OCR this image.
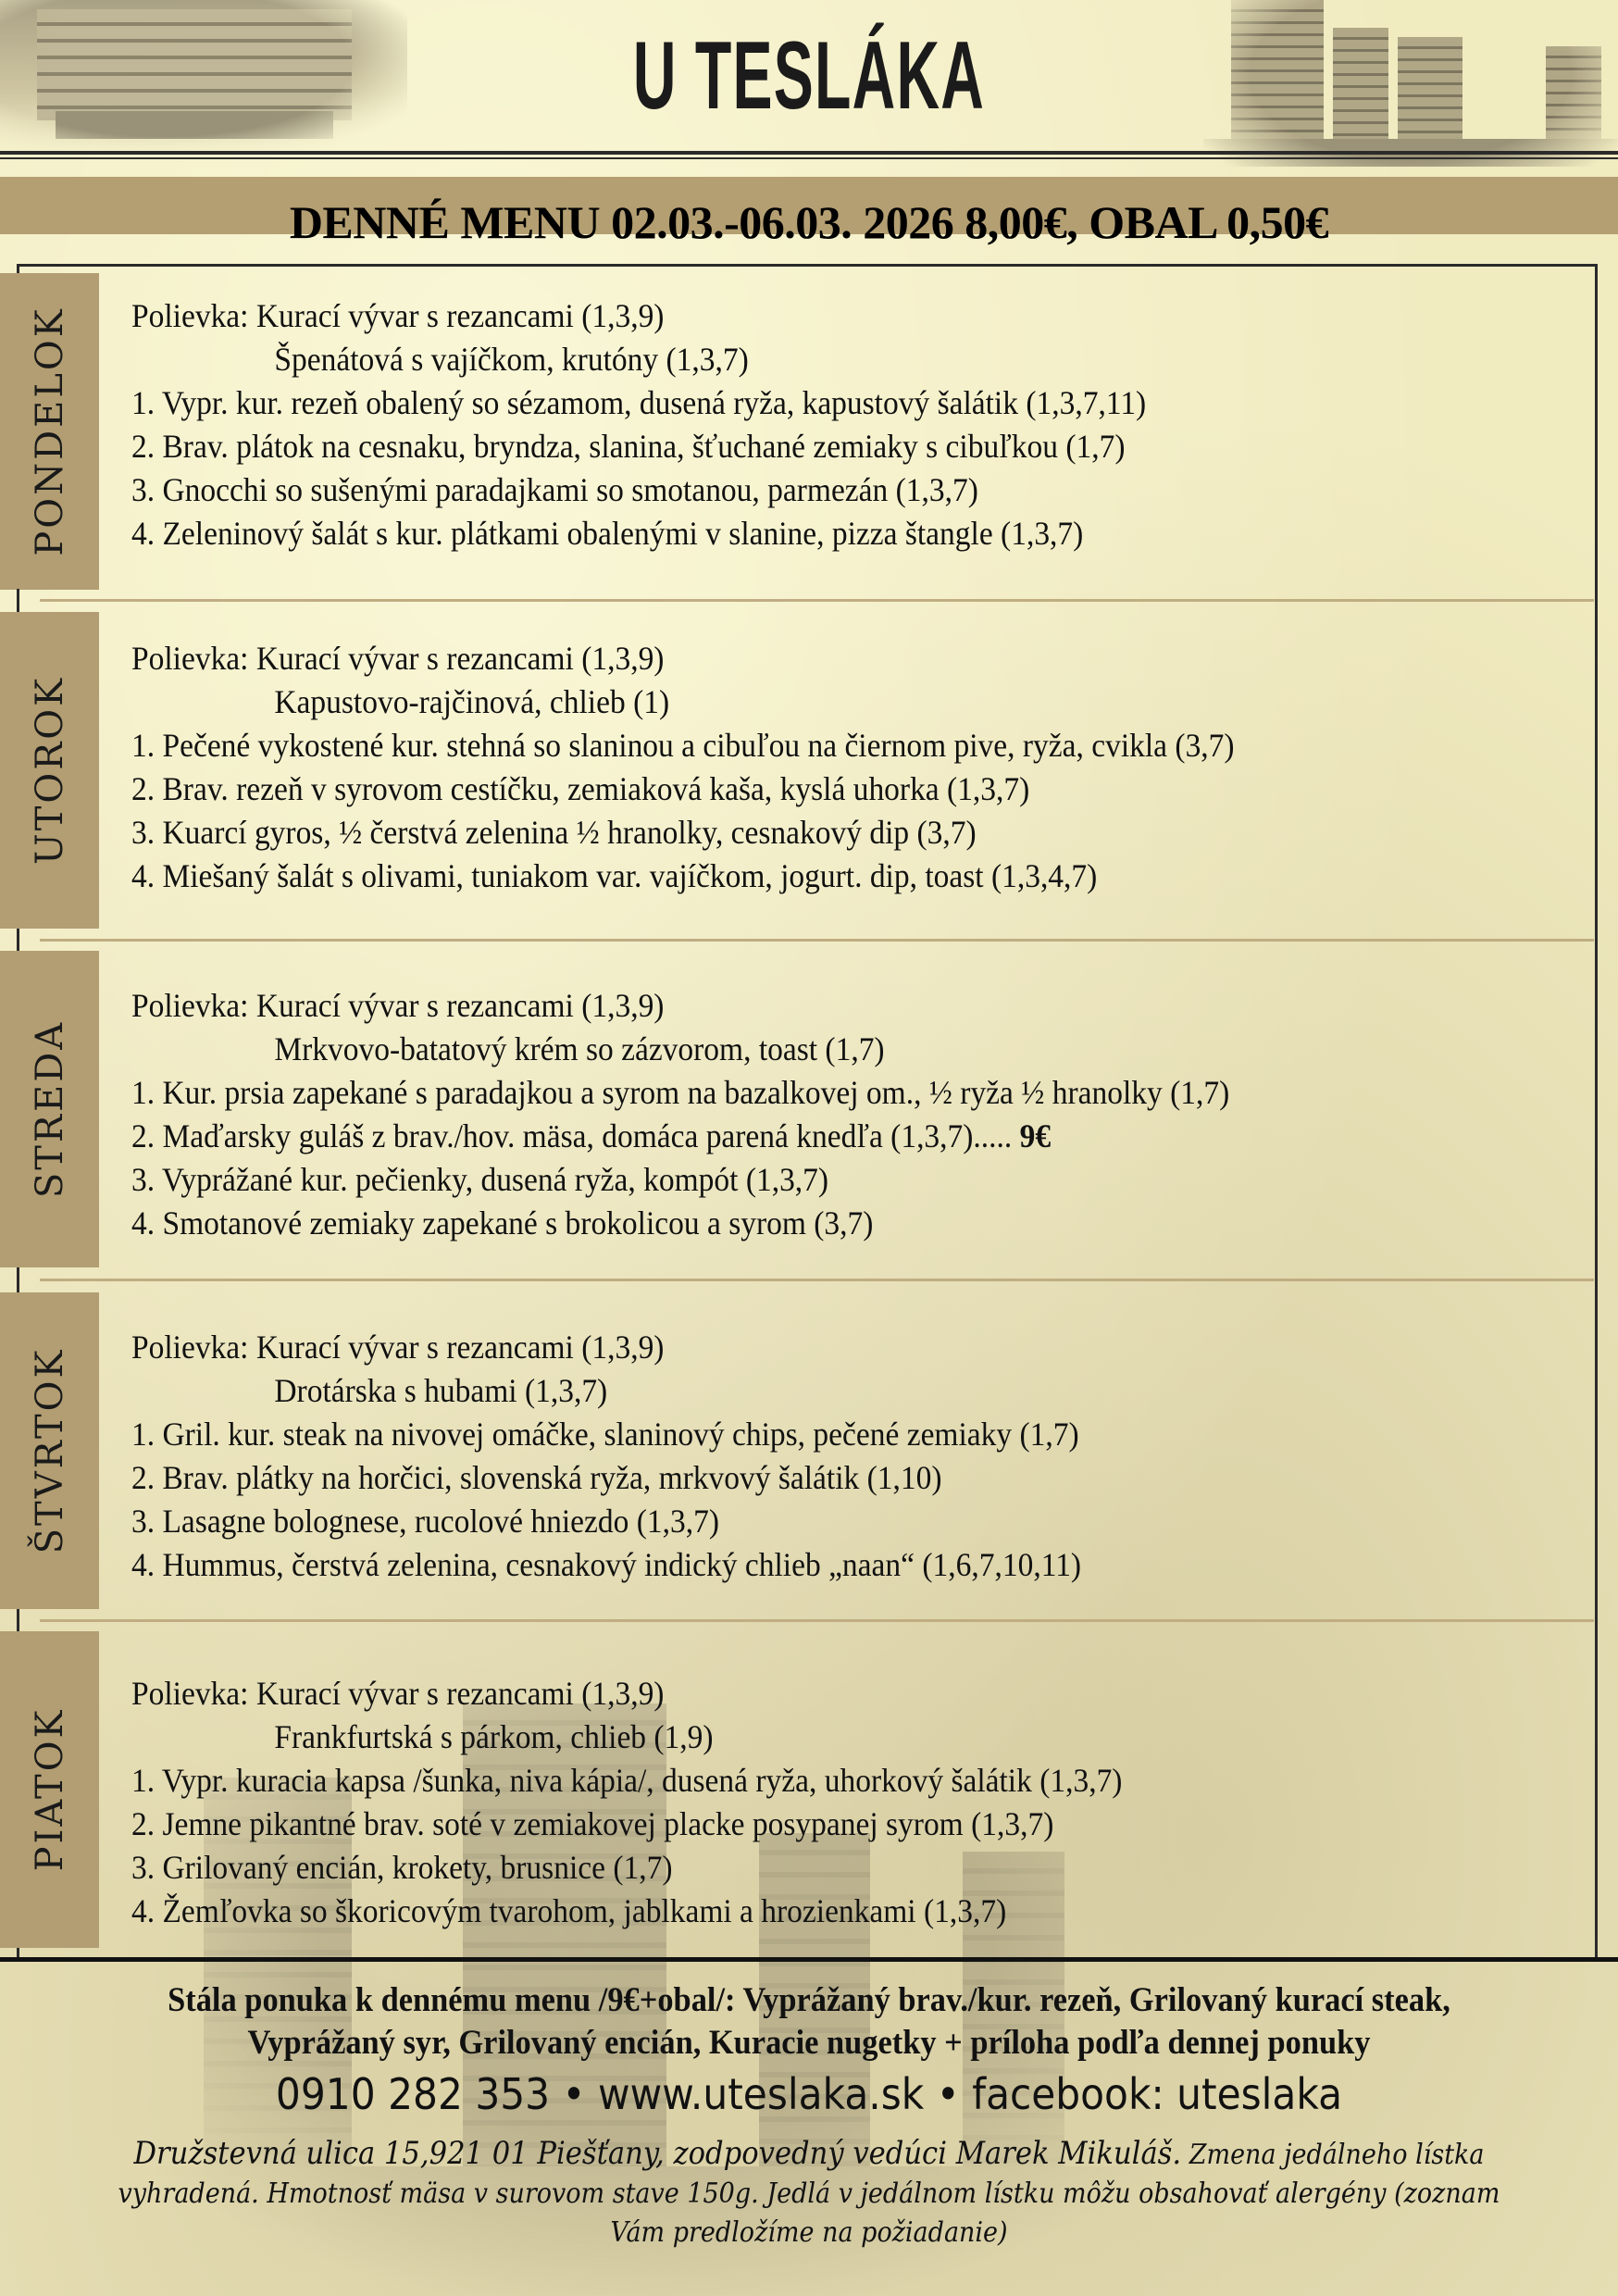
U TESLÁKA
DENNÉ MENU 02.03.-06.03. 2026 8,00€, OBAL 0,50€
PONDELOK Polievka: Kurací vývar s rezancami (1,3,9)
Špenátová s vajíčkom, krutóny (1,3,7)
1. Vypr. kur. rezeň obalený so sézamom, dusená ryža, kapustový šalátik (1,3,7,11)
2. Brav. plátok na cesnaku, bryndza, slanina, šťuchané zemiaky s cibuľkou (1,7)
3. Gnocchi so sušenými paradajkami so smotanou, parmezán (1,3,7)
4. Zeleninový šalát s kur. plátkami obalenými v slanine, pizza štangle (1,3,7)
UTOROK
Polievka: Kurací vývar s rezancami (1,3,9)
Kapustovo-rajčinová, chlieb (1)
1. Pečené vykostené kur. stehná so slaninou a cibuľou na čiernom pive, ryža, cvikla (3,7)
2. Brav. rezeň v syrovom cestíčku, zemiaková kaša, kyslá uhorka (1,3,7)
3. Kuarcí gyros, ½ čerstvá zelenina ½ hranolky, cesnakový dip (3,7)
4. Miešaný šalát s olivami, tuniakom var. vajíčkom, jogurt. dip, toast (1,3,4,7)
STREDA
Polievka: Kurací vývar s rezancami (1,3,9)
Mrkvovo-batatový krém so zázvorom, toast (1,7)
1. Kur. prsia zapekané s paradajkou a syrom na bazalkovej om., ½ ryža ½ hranolky (1,7)
2. Maďarsky guláš z brav./hov. mäsa, domáca parená knedľa (1,3,7)..... 9€
3. Vyprážané kur. pečienky, dusená ryža, kompót (1,3,7)
4. Smotanové zemiaky zapekané s brokolicou a syrom (3,7)
ŠTVRTOK
Polievka: Kurací vývar s rezancami (1,3,9)
Drotárska s hubami (1,3,7)
1. Gril. kur. steak na nivovej omáčke, slaninový chips, pečené zemiaky (1,7)
2. Brav. plátky na horčici, slovenská ryža, mrkvový šalátik (1,10)
3. Lasagne bolognese, rucolové hniezdo (1,3,7)
4. Hummus, čerstvá zelenina, cesnakový indický chlieb „naan“ (1,6,7,10,11)
PIATOK
Polievka: Kurací vývar s rezancami (1,3,9)
Frankfurtská s párkom, chlieb (1,9)
1. Vypr. kuracia kapsa /šunka, niva kápia/, dusená ryža, uhorkový šalátik (1,3,7)
2. Jemne pikantné brav. soté v zemiakovej placke posypanej syrom (1,3,7)
3. Grilovaný encián, krokety, brusnice (1,7)
4. Žemľovka so škoricovým tvarohom, jablkami a hrozienkami (1,3,7)
Stála ponuka k dennému menu /9€+obal/: Vyprážaný brav./kur. rezeň, Grilovaný kurací steak,
Vyprážaný syr, Grilovaný encián, Kuracie nugetky + príloha podľa dennej ponuky
0910 282 353 • www.uteslaka.sk • facebook: uteslaka
Družstevná ulica 15,921 01 Piešťany, zodpovedný vedúci Marek Mikuláš. Zmena jedálneho lístka vyhradená. Hmotnosť mäsa v surovom stave 150g. Jedlá v jedálnom lístku môžu obsahovať alergény (zoznam Vám predložíme na požiadanie)
